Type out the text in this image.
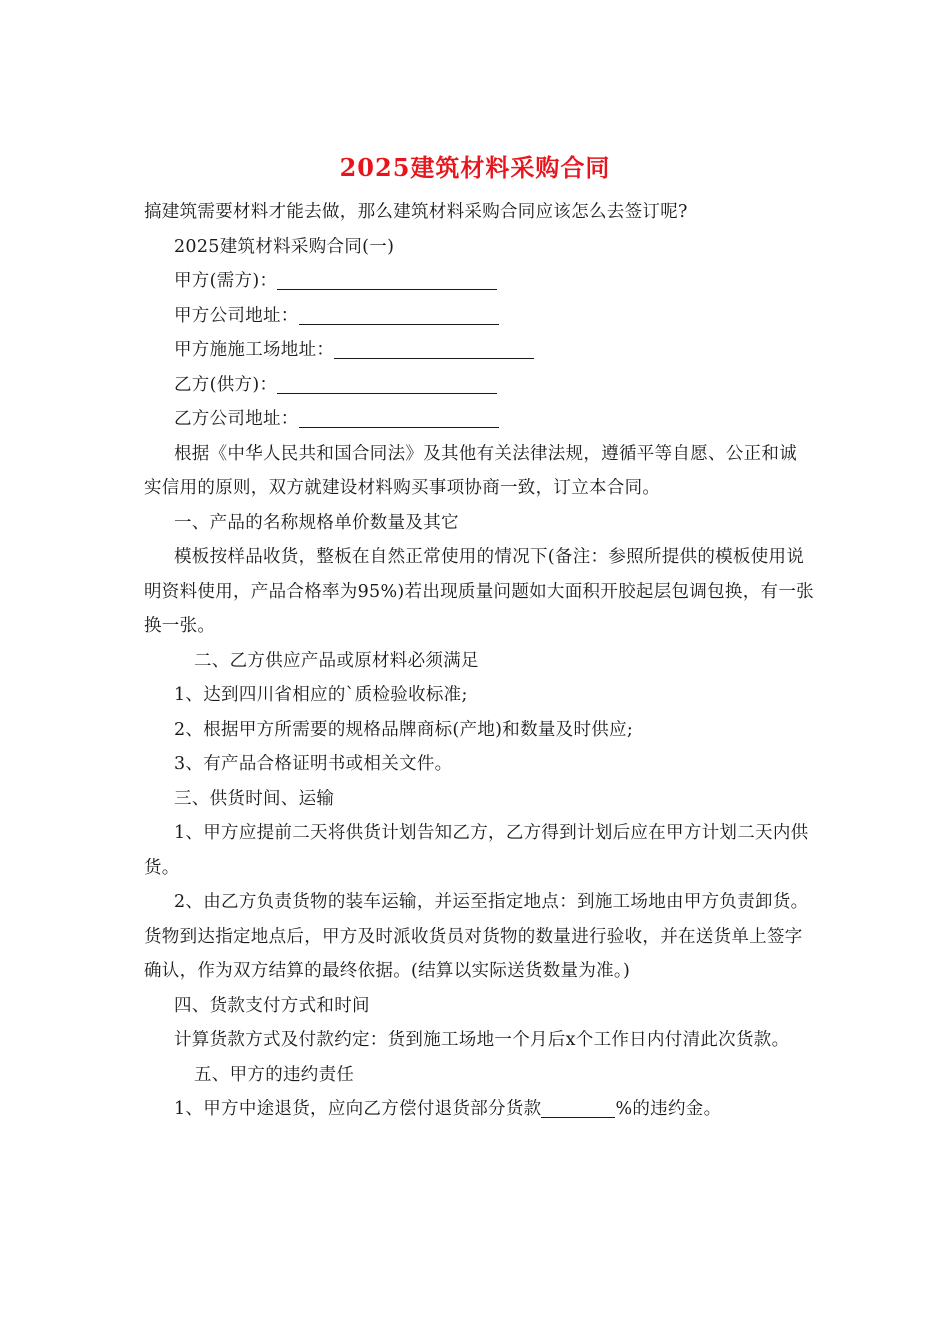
2025建筑材料采购合同

搞建筑需要材料才能去做，那么建筑材料采购合同应该怎么去签订呢?

2025建筑材料采购合同(一)

甲方(需方)：

甲方公司地址：

甲方施施工场地址：

乙方(供方)：

乙方公司地址：

根据《中华人民共和国合同法》及其他有关法律法规，遵循平等自愿、公正和诚实信用的原则，双方就建设材料购买事项协商一致，订立本合同。

一、产品的名称规格单价数量及其它

模板按样品收货，整板在自然正常使用的情况下(备注：参照所提供的模板使用说明资料使用，产品合格率为95%)若出现质量问题如大面积开胶起层包调包换，有一张换一张。

二、乙方供应产品或原材料必须满足

1、达到四川省相应的`质检验收标准;

2、根据甲方所需要的规格品牌商标(产地)和数量及时供应;

3、有产品合格证明书或相关文件。

三、供货时间、运输

1、甲方应提前二天将供货计划告知乙方，乙方得到计划后应在甲方计划二天内供货。

2、由乙方负责货物的装车运输，并运至指定地点：到施工场地由甲方负责卸货。货物到达指定地点后，甲方及时派收货员对货物的数量进行验收，并在送货单上签字确认，作为双方结算的最终依据。(结算以实际送货数量为准。)

四、货款支付方式和时间

计算货款方式及付款约定：货到施工场地一个月后x个工作日内付清此次货款。

五、甲方的违约责任

1、甲方中途退货，应向乙方偿付退货部分货款	%的违约金。
